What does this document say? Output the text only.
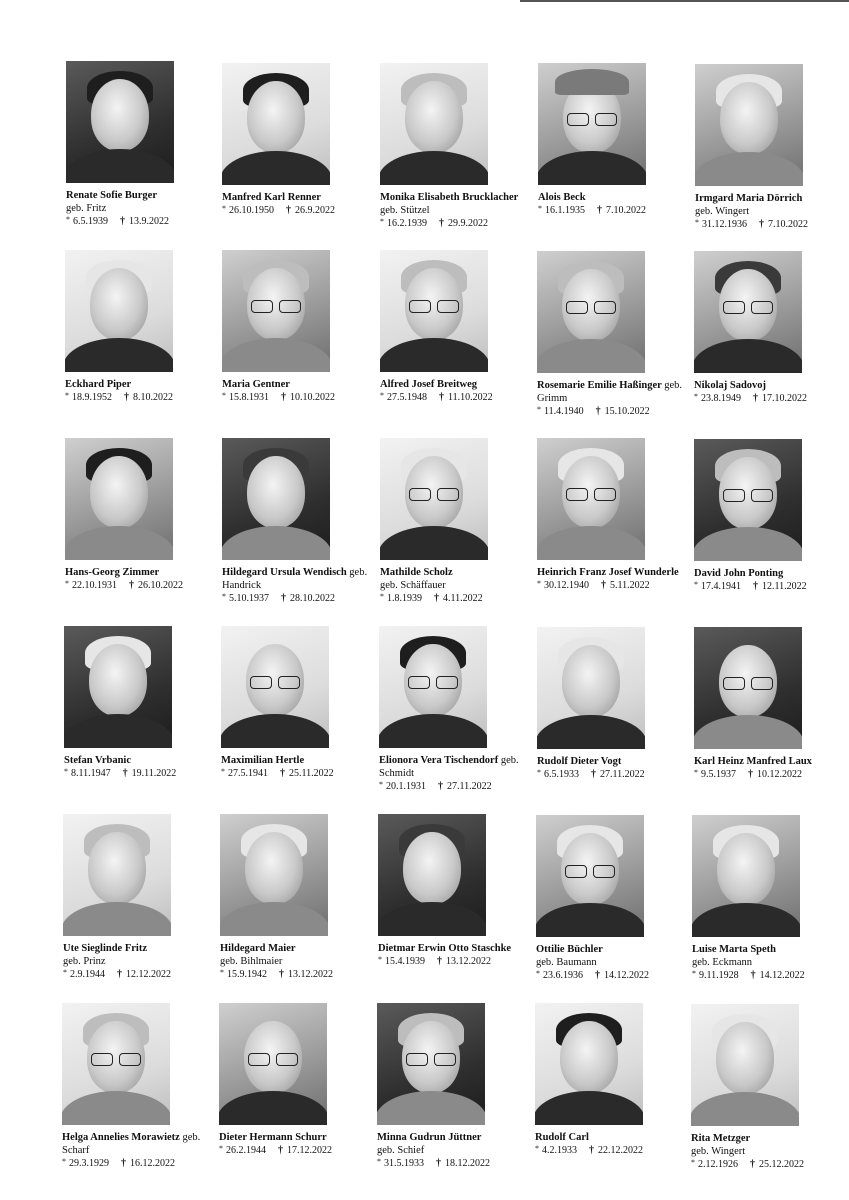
Renate Sofie Burger
geb. Fritz
* 6.5.1939 † 13.9.2022
Manfred Karl Renner
* 26.10.1950 † 26.9.2022
Monika Elisabeth Brucklacher geb. Stützel
* 16.2.1939 † 29.9.2022
Alois Beck
* 16.1.1935 † 7.10.2022
Irmgard Maria Dörrich
geb. Wingert
* 31.12.1936 † 7.10.2022
Eckhard Piper
* 18.9.1952 † 8.10.2022
Maria Gentner
* 15.8.1931 † 10.10.2022
Alfred Josef Breitweg
* 27.5.1948 † 11.10.2022
Rosemarie Emilie Haßinger geb. Grimm
* 11.4.1940 † 15.10.2022
Nikolaj Sadovoj
* 23.8.1949 † 17.10.2022
Hans-Georg Zimmer
* 22.10.1931 † 26.10.2022
Hildegard Ursula Wendisch geb. Handrick
* 5.10.1937 † 28.10.2022
Mathilde Scholz
geb. Schäffauer
* 1.8.1939 † 4.11.2022
Heinrich Franz Josef Wunderle
* 30.12.1940 † 5.11.2022
David John Ponting
* 17.4.1941 † 12.11.2022
Stefan Vrbanic
* 8.11.1947 † 19.11.2022
Maximilian Hertle
* 27.5.1941 † 25.11.2022
Elionora Vera Tischendorf geb. Schmidt
* 20.1.1931 † 27.11.2022
Rudolf Dieter Vogt
* 6.5.1933 † 27.11.2022
Karl Heinz Manfred Laux
* 9.5.1937 † 10.12.2022
Ute Sieglinde Fritz
geb. Prinz
* 2.9.1944 † 12.12.2022
Hildegard Maier
geb. Bihlmaier
* 15.9.1942 † 13.12.2022
Dietmar Erwin Otto Staschke
* 15.4.1939 † 13.12.2022
Ottilie Büchler
geb. Baumann
* 23.6.1936 † 14.12.2022
Luise Marta Speth
geb. Eckmann
* 9.11.1928 † 14.12.2022
Helga Annelies Morawietz geb. Scharf
* 29.3.1929 † 16.12.2022
Dieter Hermann Schurr
* 26.2.1944 † 17.12.2022
Minna Gudrun Jüttner
geb. Schief
* 31.5.1933 † 18.12.2022
Rudolf Carl
* 4.2.1933 † 22.12.2022
Rita Metzger
geb. Wingert
* 2.12.1926 † 25.12.2022
